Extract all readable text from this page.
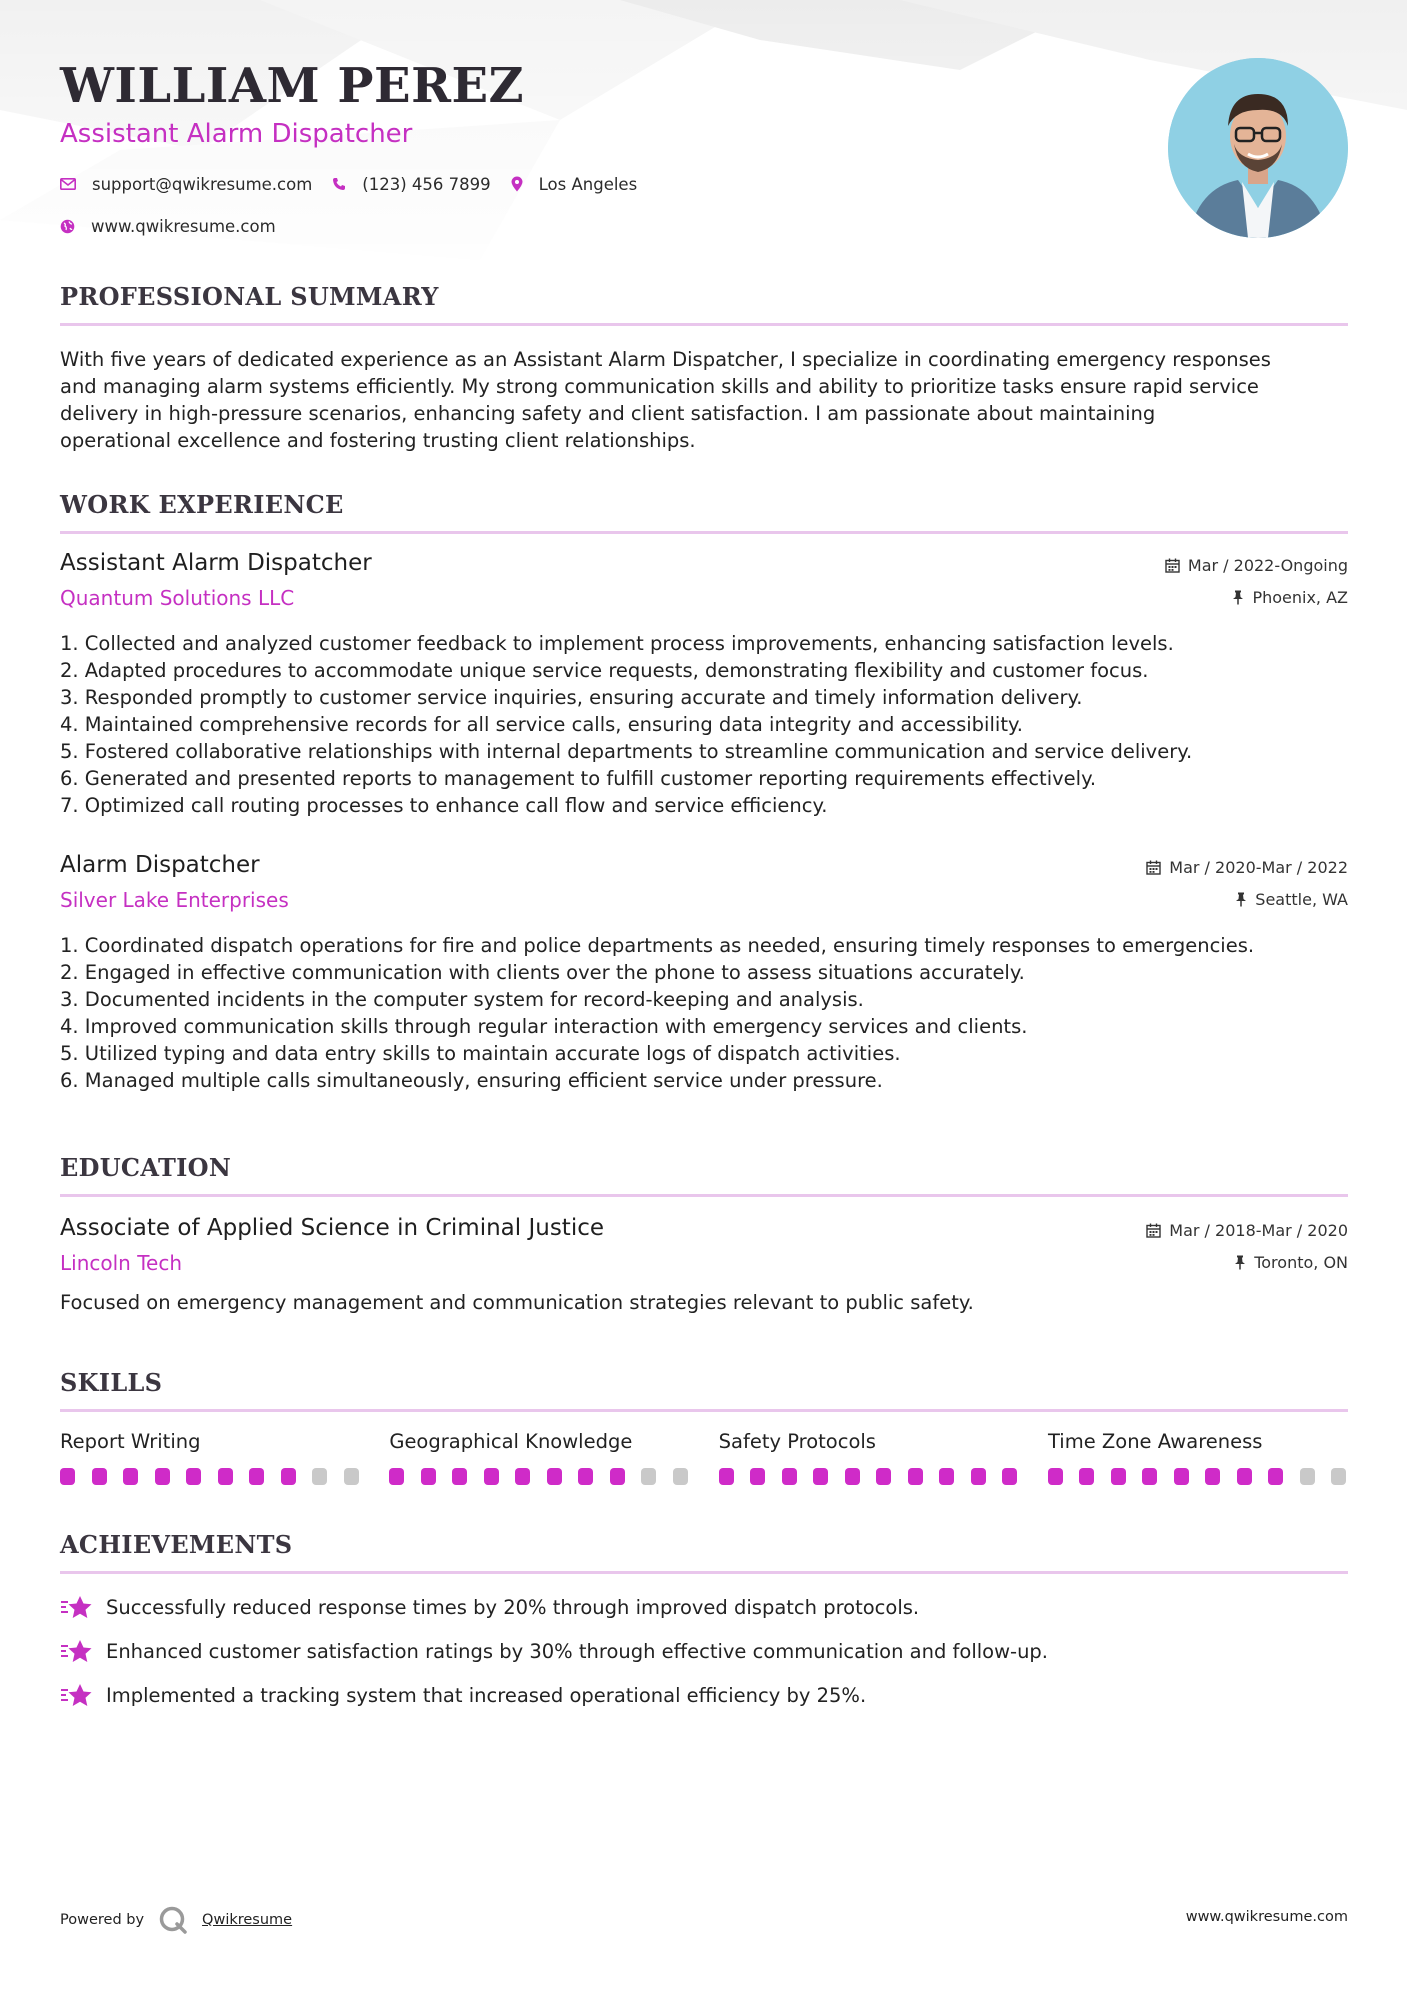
WILLIAM PEREZ
Assistant Alarm Dispatcher
support@qwikresume.com	(123) 456 7899	Los Angeles
www.qwikresume.com
PROFESSIONAL SUMMARY
With five years of dedicated experience as an Assistant Alarm Dispatcher, I specialize in coordinating emergency responses
and managing alarm systems efficiently. My strong communication skills and ability to prioritize tasks ensure rapid service
delivery in high-pressure scenarios, enhancing safety and client satisfaction. I am passionate about maintaining
operational excellence and fostering trusting client relationships.
WORK EXPERIENCE
Assistant Alarm Dispatcher
Quantum Solutions LLC
Mar / 2022-Ongoing
Phoenix, AZ
1. Collected and analyzed customer feedback to implement process improvements, enhancing satisfaction levels.
2. Adapted procedures to accommodate unique service requests, demonstrating flexibility and customer focus.
3. Responded promptly to customer service inquiries, ensuring accurate and timely information delivery.
4. Maintained comprehensive records for all service calls, ensuring data integrity and accessibility.
5. Fostered collaborative relationships with internal departments to streamline communication and service delivery.
6. Generated and presented reports to management to fulfill customer reporting requirements effectively.
7. Optimized call routing processes to enhance call flow and service efficiency.
Alarm Dispatcher
Silver Lake Enterprises
Mar / 2020-Mar / 2022
Seattle, WA
1. Coordinated dispatch operations for fire and police departments as needed, ensuring timely responses to emergencies.
2. Engaged in effective communication with clients over the phone to assess situations accurately.
3. Documented incidents in the computer system for record-keeping and analysis.
4. Improved communication skills through regular interaction with emergency services and clients.
5. Utilized typing and data entry skills to maintain accurate logs of dispatch activities.
6. Managed multiple calls simultaneously, ensuring efficient service under pressure.
EDUCATION
Associate of Applied Science in Criminal Justice
Lincoln Tech
Mar / 2018-Mar / 2020
Toronto, ON
Focused on emergency management and communication strategies relevant to public safety.
SKILLS
Report Writing	Geographical Knowledge	Safety Protocols	Time Zone Awareness
ACHIEVEMENTS
Successfully reduced response times by 20% through improved dispatch protocols.
Enhanced customer satisfaction ratings by 30% through effective communication and follow-up.
Implemented a tracking system that increased operational efficiency by 25%.
Powered by	Qwikresume	www.qwikresume.com
